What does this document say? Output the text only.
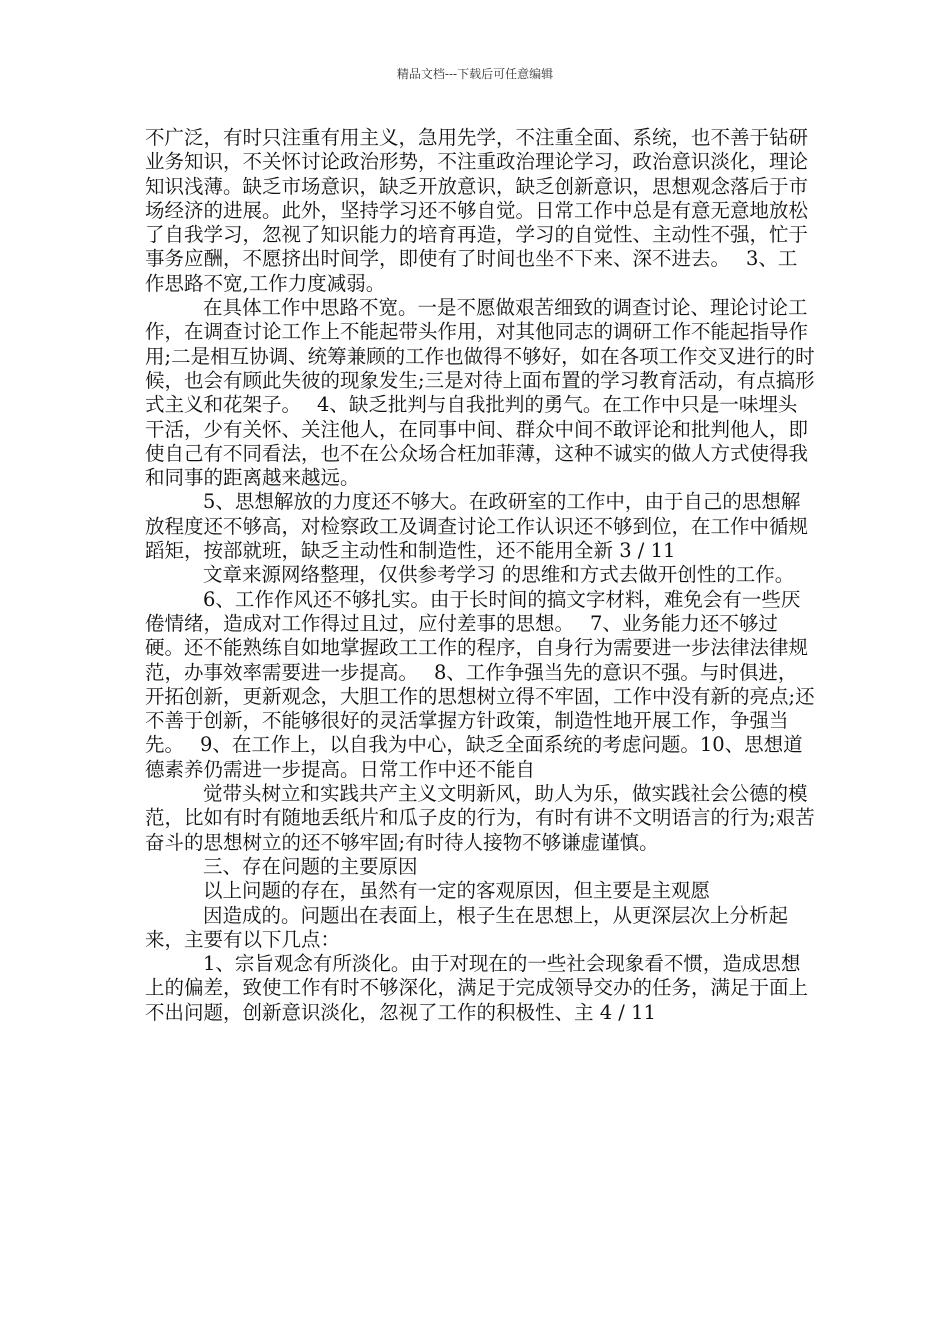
精品文档---下载后可任意编辑

不广泛，有时只注重有用主义，急用先学，不注重全面、系统，也不善于钻研业务知识，不关怀讨论政治形势，不注重政治理论学习，政治意识淡化，理论知识浅薄。缺乏市场意识，缺乏开放意识，缺乏创新意识，思想观念落后于市场经济的进展。此外，坚持学习还不够自觉。日常工作中总是有意无意地放松了自我学习，忽视了知识能力的培育再造，学习的自觉性、主动性不强，忙于事务应酬，不愿挤出时间学，即使有了时间也坐不下来、深不进去。　 3、工作思路不宽,工作力度减弱。

在具体工作中思路不宽。一是不愿做艰苦细致的调查讨论、理论讨论工作，在调查讨论工作上不能起带头作用，对其他同志的调研工作不能起指导作用;二是相互协调、统筹兼顾的工作也做得不够好，如在各项工作交叉进行的时候，也会有顾此失彼的现象发生;三是对待上面布置的学习教育活动，有点搞形式主义和花架子。　 4、缺乏批判与自我批判的勇气。在工作中只是一味埋头干活，少有关怀、关注他人，在同事中间、群众中间不敢评论和批判他人，即使自己有不同看法，也不在公众场合枉加菲薄，这种不诚实的做人方式使得我和同事的距离越来越远。

5、思想解放的力度还不够大。在政研室的工作中，由于自己的思想解放程度还不够高，对检察政工及调查讨论工作认识还不够到位，在工作中循规蹈矩，按部就班，缺乏主动性和制造性，还不能用全新 3 / 11

文章来源网络整理，仅供参考学习 的思维和方式去做开创性的工作。

6、工作作风还不够扎实。由于长时间的搞文字材料，难免会有一些厌倦情绪，造成对工作得过且过，应付差事的思想。　 7、业务能力还不够过硬。还不能熟练自如地掌握政工工作的程序，自身行为需要进一步法律法律规范，办事效率需要进一步提高。　 8、工作争强当先的意识不强。与时俱进，开拓创新，更新观念，大胆工作的思想树立得不牢固，工作中没有新的亮点;还不善于创新，不能够很好的灵活掌握方针政策，制造性地开展工作，争强当先。　 9、在工作上，以自我为中心，缺乏全面系统的考虑问题。10、思想道德素养仍需进一步提高。日常工作中还不能自

觉带头树立和实践共产主义文明新风，助人为乐，做实践社会公德的模范，比如有时有随地丢纸片和瓜子皮的行为，有时有讲不文明语言的行为;艰苦奋斗的思想树立的还不够牢固;有时待人接物不够谦虚谨慎。

三、存在问题的主要原因

以上问题的存在，虽然有一定的客观原因，但主要是主观愿

因造成的。问题出在表面上，根子生在思想上，从更深层次上分析起来，主要有以下几点：

1、宗旨观念有所淡化。由于对现在的一些社会现象看不惯，造成思想上的偏差，致使工作有时不够深化，满足于完成领导交办的任务，满足于面上不出问题，创新意识淡化，忽视了工作的积极性、主 4 / 11
